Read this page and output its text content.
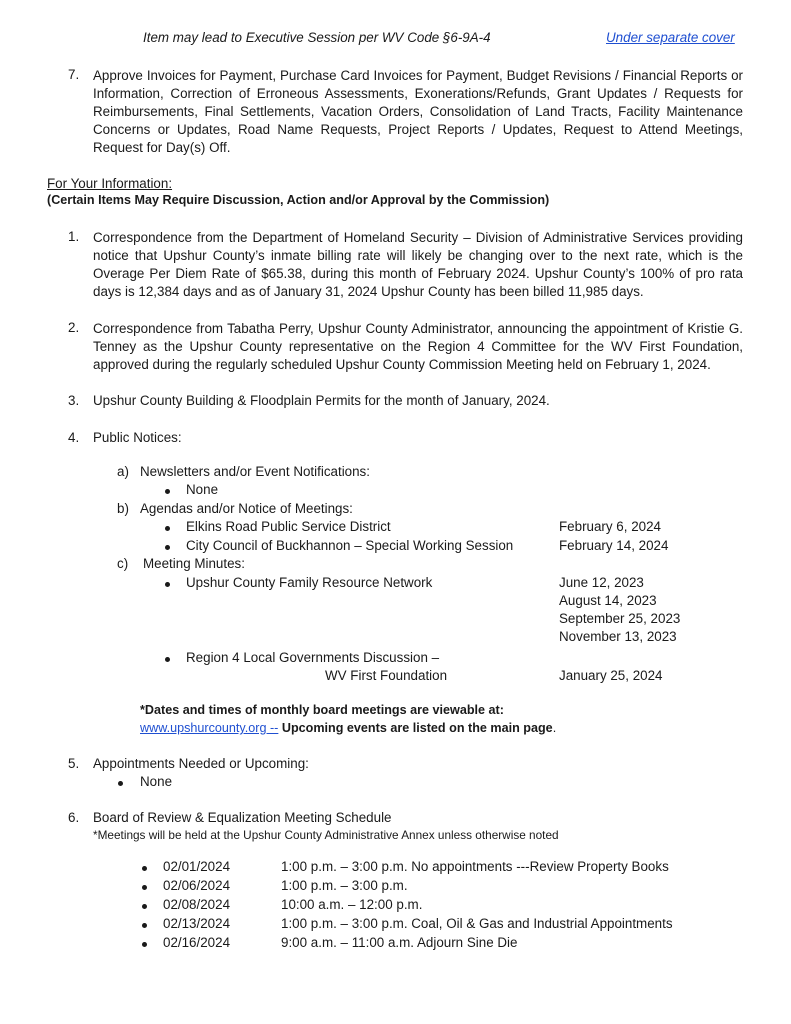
Item may lead to Executive Session per WV Code §6-9A-4	Under separate cover
7. Approve Invoices for Payment, Purchase Card Invoices for Payment, Budget Revisions / Financial Reports or Information, Correction of Erroneous Assessments, Exonerations/Refunds, Grant Updates / Requests for Reimbursements, Final Settlements, Vacation Orders, Consolidation of Land Tracts, Facility Maintenance Concerns or Updates, Road Name Requests, Project Reports / Updates, Request to Attend Meetings, Request for Day(s) Off.
For Your Information:
(Certain Items May Require Discussion, Action and/or Approval by the Commission)
1. Correspondence from the Department of Homeland Security – Division of Administrative Services providing notice that Upshur County’s inmate billing rate will likely be changing over to the next rate, which is the Overage Per Diem Rate of $65.38, during this month of February 2024. Upshur County’s 100% of pro rata days is 12,384 days and as of January 31, 2024 Upshur County has been billed 11,985 days.
2. Correspondence from Tabatha Perry, Upshur County Administrator, announcing the appointment of Kristie G. Tenney as the Upshur County representative on the Region 4 Committee for the WV First Foundation, approved during the regularly scheduled Upshur County Commission Meeting held on February 1, 2024.
3. Upshur County Building & Floodplain Permits for the month of January, 2024.
4. Public Notices:
a) Newsletters and/or Event Notifications:
None
b) Agendas and/or Notice of Meetings:
Elkins Road Public Service District	February 6, 2024
City Council of Buckhannon – Special Working Session	February 14, 2024
c) Meeting Minutes:
Upshur County Family Resource Network	June 12, 2023
August 14, 2023
September 25, 2023
November 13, 2023
Region 4 Local Governments Discussion –
WV First Foundation	January 25, 2024
*Dates and times of monthly board meetings are viewable at:
www.upshurcounty.org -- Upcoming events are listed on the main page.
5. Appointments Needed or Upcoming:
None
6. Board of Review & Equalization Meeting Schedule
*Meetings will be held at the Upshur County Administrative Annex unless otherwise noted
02/01/2024	1:00 p.m. – 3:00 p.m. No appointments ---Review Property Books
02/06/2024	1:00 p.m. – 3:00 p.m.
02/08/2024	10:00 a.m. – 12:00 p.m.
02/13/2024	1:00 p.m. – 3:00 p.m. Coal, Oil & Gas and Industrial Appointments
02/16/2024	9:00 a.m. – 11:00 a.m. Adjourn Sine Die
